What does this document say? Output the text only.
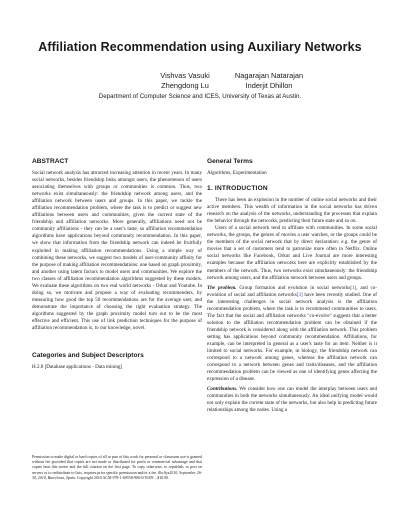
Affiliation Recommendation using Auxiliary Networks
Vishvas Vasuki
Zhengdong Lu
Nagarajan Natarajan
Inderjit Dhillon
Department of Computer Science and ICES, University of Texas at Austin.
ABSTRACT

Social network analysis has attracted increasing attention in recent years. In many social networks, besides friendship links amongst users, the phenomenon of users associating themselves with groups or communities is common. Thus, two networks exist simultaneously: the friendship network among users, and the affiliation network between users and groups. In this paper, we tackle the affiliation recommendation problem, where the task is to predict or suggest new affiliations between users and communities, given the current state of the friendship and affiliation networks. More generally, affiliations need not be community affiliations - they can be a user's taste, so affiliation recommendation algorithms have applications beyond community recommendation. In this paper, we show that information from the friendship network can indeed be fruitfully exploited in making affiliation recommendations. Using a simple way of combining these networks, we suggest two models of user-community affinity for the purpose of making affiliation recommendations: one based on graph proximity, and another using latent factors to model users and communities. We explore the two classes of affiliation recommendation algorithms suggested by these models. We evaluate these algorithms on two real world networks - Orkut and Youtube. In doing so, we motivate and propose a way of evaluating recommenders, by measuring how good the top 50 recommendations are for the average user, and demonstrate the importance of choosing the right evaluation strategy. The algorithms suggested by the graph proximity model turn out to be the most effective and efficient. This use of link prediction techniques for the purpose of affiliation recommendation is, to our knowledge, novel.

Categories and Subject Descriptors

H.2.8 [Database applications - Data mining]

Permission to make digital or hard copies of all or part of this work for personal or classroom use is granted without fee provided that copies are not made or distributed for profit or commercial advantage and that copies bear this notice and the full citation on the first page. To copy otherwise, to republish, to post on servers or to redistribute to lists, requires prior specific permission and/or a fee. RecSys2010, September 26-30, 2010, Barcelona, Spain. Copyright 2010 ACM 978-1-60558-906-0/10/09 ...$10.00.
General Terms

Algorithms, Experimentation

1. INTRODUCTION

There has been an explosion in the number of online social networks and their active members. This wealth of information in the social networks has driven research on the analysis of the networks, understanding the processes that explain the behavior through the networks, predicting their future state and so on.

Users of a social network tend to affiliate with communities. In some social networks, the groups, the genres of movies a user watches, or the groups could be the members of the social network that by direct declaration: e.g. the genre of movies that a set of customers tend to patronize more often in Netflix. Online social networks like Facebook, Orkut and Live Journal are more interesting examples because the affiliation networks here are explicitly established by the members of the network. Thus, two networks exist simultaneously: the friendship network among users, and the affiliation network between users and groups.

The problem. Group formation and evolution in social networks[1], and co-evolution of social and affiliation networks[3] have been recently studied. One of the interesting challenges in social network analysis is the affiliation recommendation problem, where the task is to recommend communities to users. The fact that the social and affiliation networks "co-evolve" suggests that a better solution to the affiliation recommendation problem can be obtained if the friendship network is considered along with the affiliation network. This problem setting has applications beyond community recommendation. Affiliations, for example, can be interpreted in general as a user's taste for an item. Neither is it limited to social networks. For example, in biology, the friendship network can correspond to a network among genes, whereas the affiliation network can correspond to a network between genes and traits/diseases, and the affiliation recommendation problem can be viewed as one of identifying genes affecting the expression of a disease.

Contributions. We consider how one can model the interplay between users and communities in both the networks simultaneously. An ideal unifying model would not only explain the current state of the networks, but also help in predicting future relationships among the nodes. Using a
